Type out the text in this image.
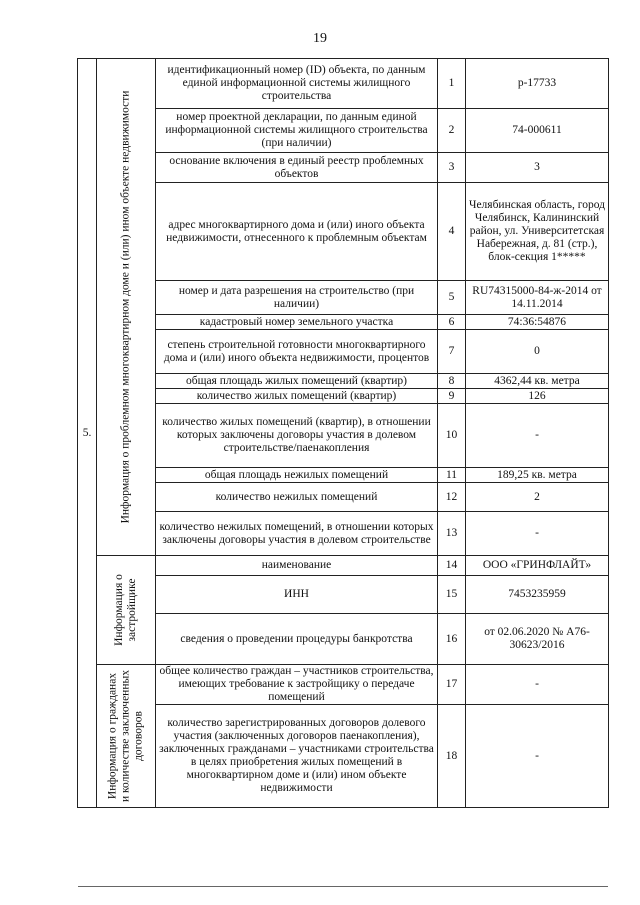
19
5.	Информация о проблемном многоквартирном доме и (или) ином объекте недвижимости	идентификационный номер (ID) объекта, по данным единой информационной системы жилищного строительства	1	р-17733
		номер проектной декларации, по данным единой информационной системы жилищного строительства (при наличии)	2	74-000611
		основание включения в единый реестр проблемных объектов	3	3
		адрес многоквартирного дома и (или) иного объекта недвижимости, отнесенного к проблемным объектам	4	Челябинская область, город Челябинск, Калининский район, ул. Университетская Набережная, д. 81 (стр.), блок-секция 1*****
		номер и дата разрешения на строительство (при наличии)	5	RU74315000-84-ж-2014 от 14.11.2014
		кадастровый номер земельного участка	6	74:36:54876
		степень строительной готовности многоквартирного дома и (или) иного объекта недвижимости, процентов	7	0
		общая площадь жилых помещений (квартир)	8	4362,44 кв. метра
		количество жилых помещений (квартир)	9	126
		количество жилых помещений (квартир), в отношении которых заключены договоры участия в долевом строительстве/паенакопления	10	-
		общая площадь нежилых помещений	11	189,25 кв. метра
		количество нежилых помещений	12	2
		количество нежилых помещений, в отношении которых заключены договоры участия в долевом строительстве	13	-

	Информация о застройщике	наименование	14	ООО «ГРИНФЛАЙТ»
		ИНН	15	7453235959
		сведения о проведении процедуры банкротства	16	от 02.06.2020 № А76-30623/2016

	Информация о гражданах и количестве заключенных договоров	общее количество граждан – участников строительства, имеющих требование к застройщику о передаче помещений	17	-
		количество зарегистрированных договоров долевого участия (заключенных договоров паенакопления), заключенных гражданами – участниками строительства в целях приобретения жилых помещений в многоквартирном доме и (или) ином объекте недвижимости	18	-
